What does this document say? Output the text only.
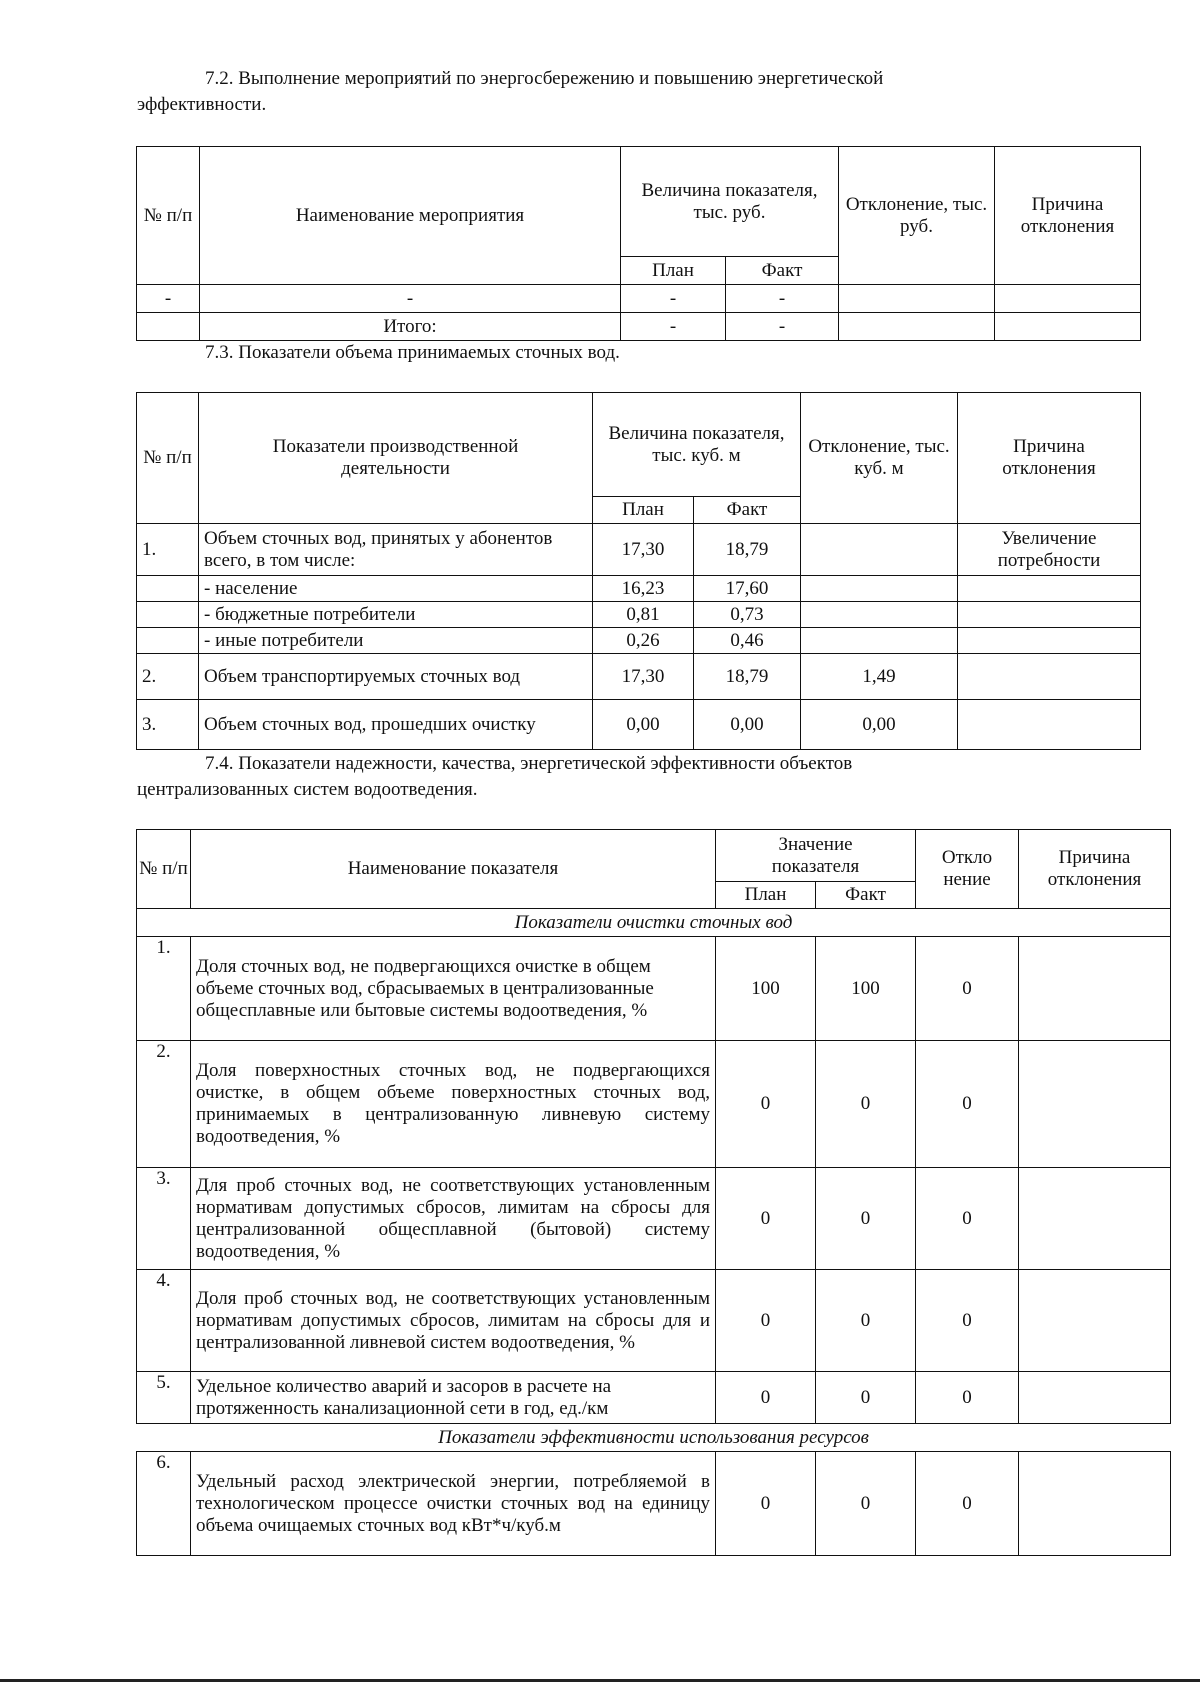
7.2. Выполнение мероприятий по энергосбережению и повышению энергетической
эффективности.

№ п/п	Наименование мероприятия	Величина показателя, тыс. руб.		Отклонение, тыс. руб.	Причина отклонения
		План	Факт		
-	-	-	-		
	Итого:	-	-		

7.3. Показатели объема принимаемых сточных вод.

№ п/п	Показатели производственной деятельности	Величина показателя, тыс. куб. м		Отклонение, тыс. куб. м	Причина отклонения
		План	Факт		
1.	Объем сточных вод, принятых у абонентов всего, в том числе:	17,30	18,79		Увеличение потребности
	- население	16,23	17,60		
	- бюджетные потребители	0,81	0,73		
	- иные потребители	0,26	0,46		
2.	Объем транспортируемых сточных вод	17,30	18,79	1,49	
3.	Объем сточных вод, прошедших очистку	0,00	0,00	0,00	

7.4. Показатели надежности, качества, энергетической эффективности объектов
централизованных систем водоотведения.

№ п/п	Наименование показателя	Значение показателя		Откло нение	Причина отклонения
		План	Факт		
Показатели очистки сточных вод					
1.	Доля сточных вод, не подвергающихся очистке в общем объеме сточных вод, сбрасываемых в централизованные общесплавные или бытовые системы водоотведения, %	100	100	0	
2.	Доля поверхностных сточных вод, не подвергающихся очистке, в общем объеме поверхностных сточных вод, принимаемых в централизованную ливневую систему водоотведения, %	0	0	0	
3.	Для проб сточных вод, не соответствующих установленным нормативам допустимых сбросов, лимитам на сбросы для централизованной общесплавной (бытовой) систему водоотведения, %	0	0	0	
4.	Доля проб сточных вод, не соответствующих установленным нормативам допустимых сбросов, лимитам на сбросы для и централизованной ливневой систем водоотведения, %	0	0	0	
5.	Удельное количество аварий и засоров в расчете на протяженность канализационной сети в год, ед./км	0	0	0	
Показатели эффективности использования ресурсов					
6.	Удельный расход электрической энергии, потребляемой в технологическом процессе очистки сточных вод на единицу объема очищаемых сточных вод кВт*ч/куб.м	0	0	0	
